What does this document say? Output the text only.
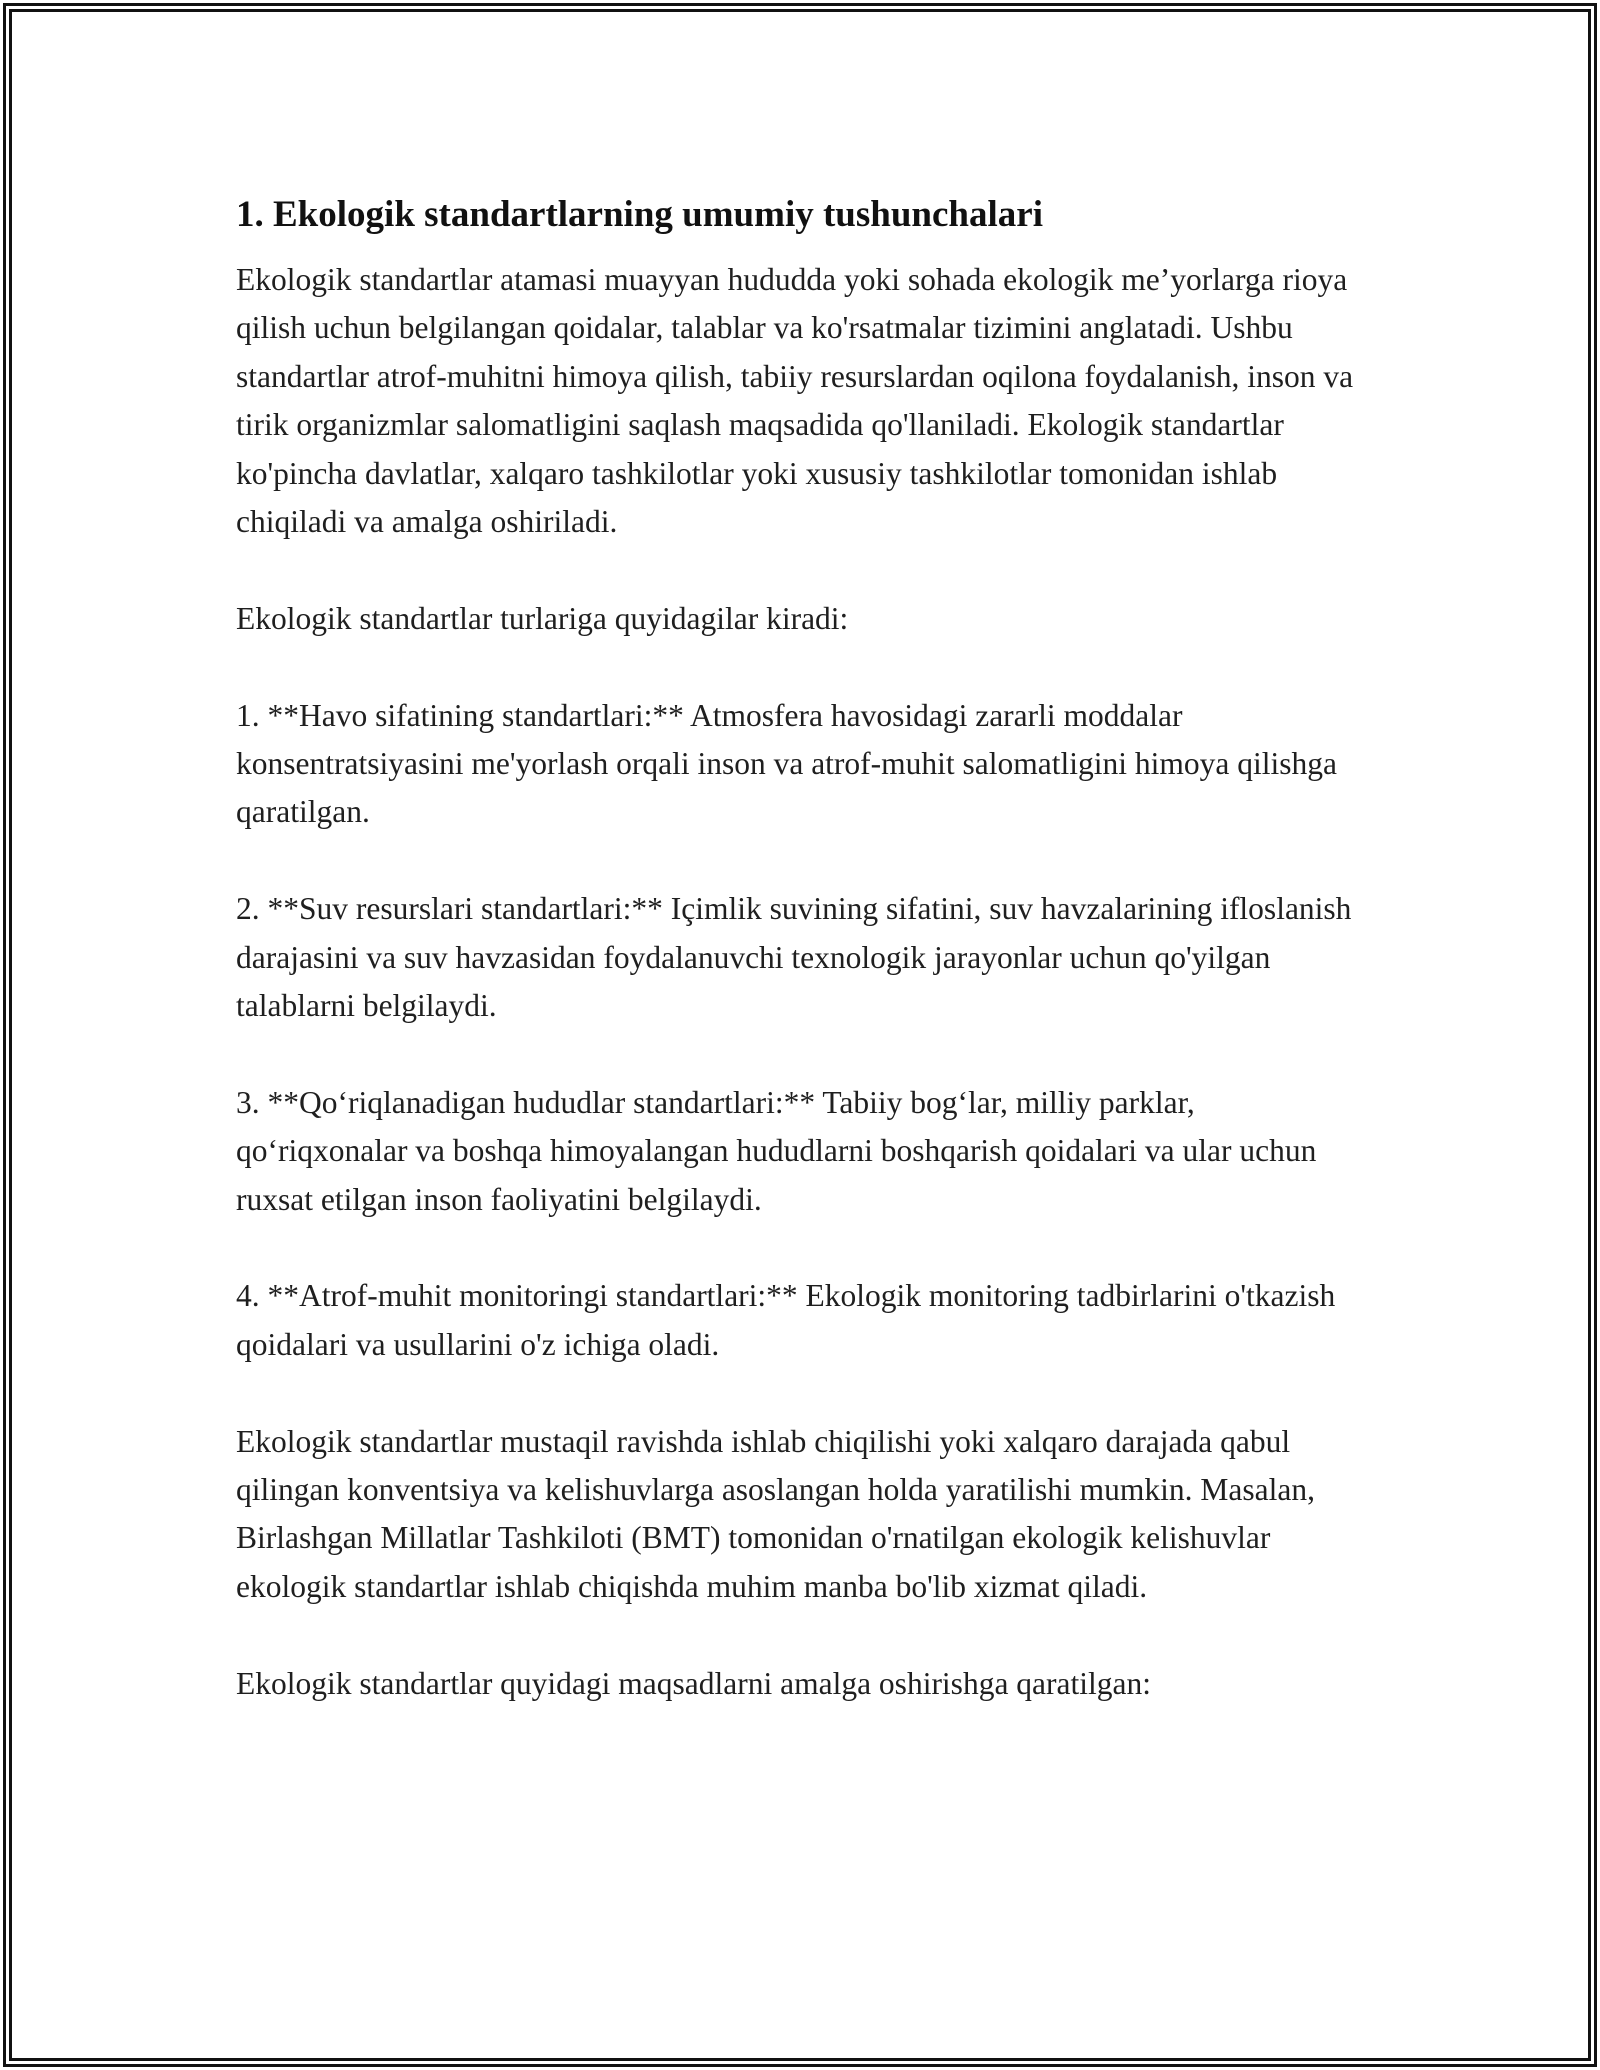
1. Ekologik standartlarning umumiy tushunchalari

Ekologik standartlar atamasi muayyan hududda yoki sohada ekologik me’yorlarga rioya qilish uchun belgilangan qoidalar, talablar va ko'rsatmalar tizimini anglatadi. Ushbu standartlar atrof-muhitni himoya qilish, tabiiy resurslardan oqilona foydalanish, inson va tirik organizmlar salomatligini saqlash maqsadida qo'llaniladi. Ekologik standartlar ko'pincha davlatlar, xalqaro tashkilotlar yoki xususiy tashkilotlar tomonidan ishlab chiqiladi va amalga oshiriladi.

Ekologik standartlar turlariga quyidagilar kiradi:

1. **Havo sifatining standartlari:** Atmosfera havosidagi zararli moddalar konsentratsiyasini me'yorlash orqali inson va atrof-muhit salomatligini himoya qilishga qaratilgan.

2. **Suv resurslari standartlari:** Içimlik suvining sifatini, suv havzalarining ifloslanish darajasini va suv havzasidan foydalanuvchi texnologik jarayonlar uchun qo'yilgan talablarni belgilaydi.

3. **Qo‘riqlanadigan hududlar standartlari:** Tabiiy bog‘lar, milliy parklar, qo‘riqxonalar va boshqa himoyalangan hududlarni boshqarish qoidalari va ular uchun ruxsat etilgan inson faoliyatini belgilaydi.

4. **Atrof-muhit monitoringi standartlari:** Ekologik monitoring tadbirlarini o'tkazish qoidalari va usullarini o'z ichiga oladi.

Ekologik standartlar mustaqil ravishda ishlab chiqilishi yoki xalqaro darajada qabul qilingan konventsiya va kelishuvlarga asoslangan holda yaratilishi mumkin. Masalan, Birlashgan Millatlar Tashkiloti (BMT) tomonidan o'rnatilgan ekologik kelishuvlar ekologik standartlar ishlab chiqishda muhim manba bo'lib xizmat qiladi.

Ekologik standartlar quyidagi maqsadlarni amalga oshirishga qaratilgan:
